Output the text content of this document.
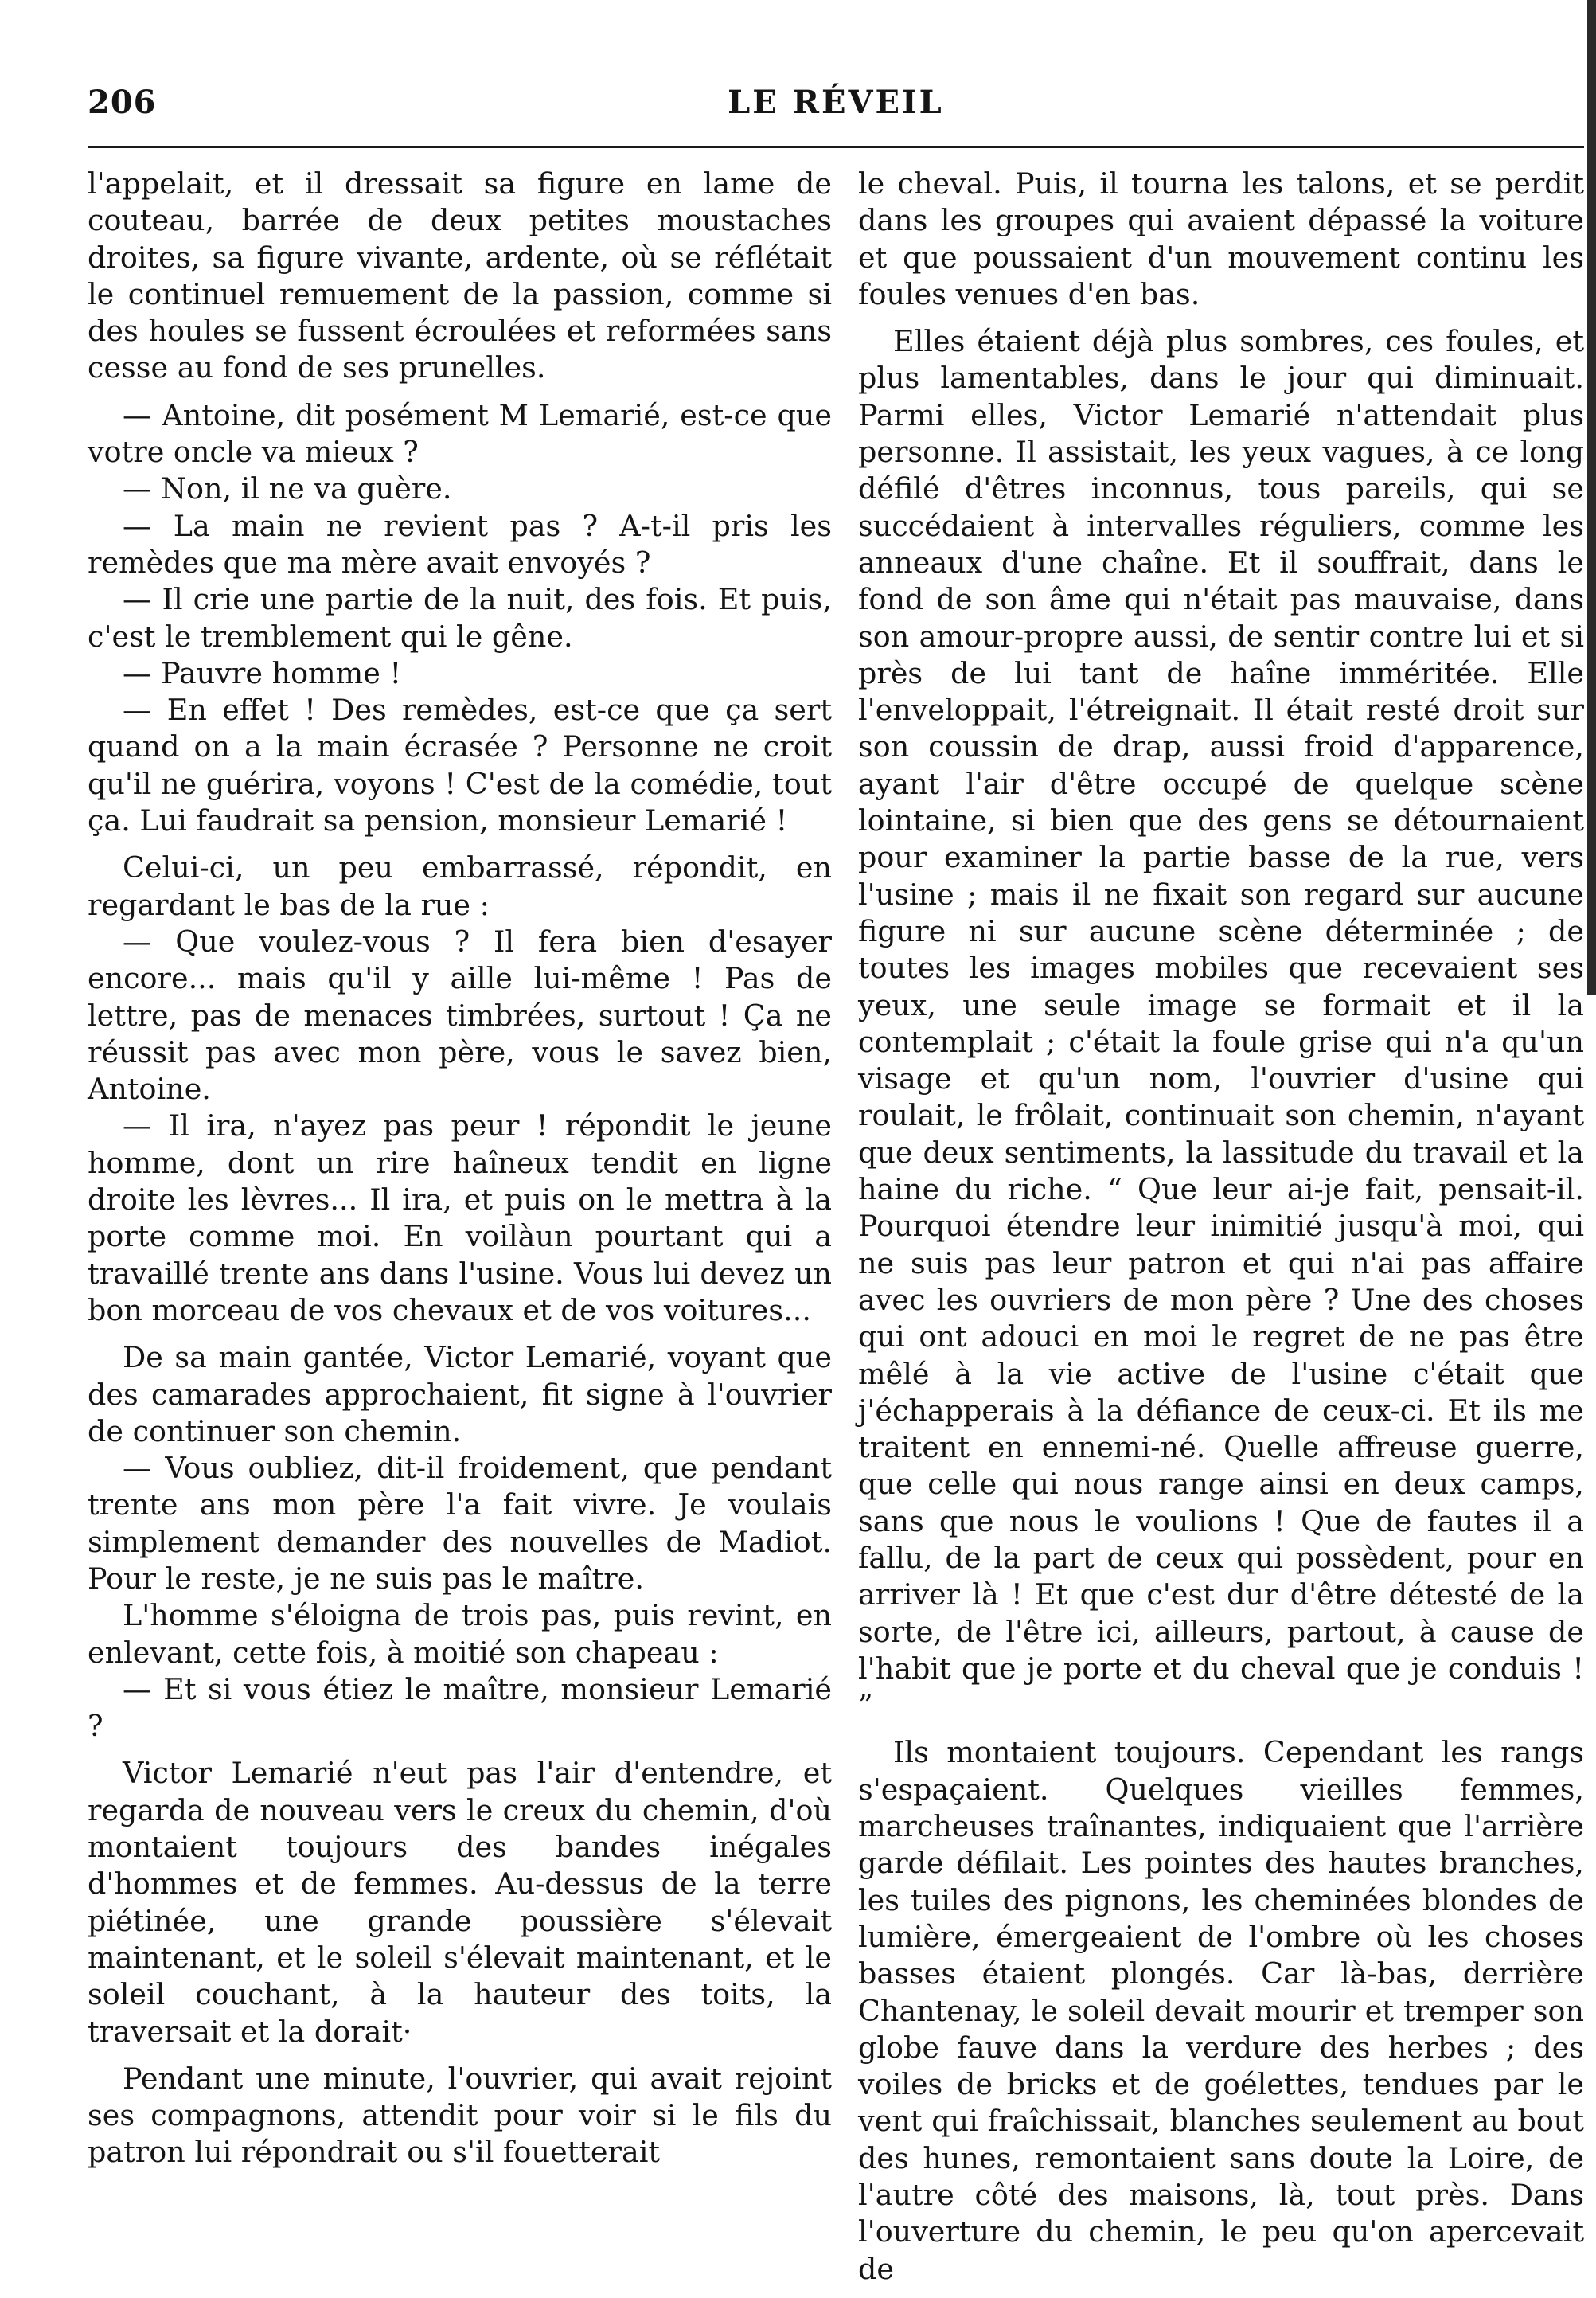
206	LE RÉVEIL

l'appelait, et il dressait sa figure en lame de couteau, barrée de deux petites moustaches droites, sa figure vivante, ardente, où se réflétait le continuel remuement de la passion, comme si des houles se fussent écroulées et reformées sans cesse au fond de ses prunelles.

— Antoine, dit posément M Lemarié, est-ce que votre oncle va mieux ?

— Non, il ne va guère.

— La main ne revient pas ? A-t-il pris les remèdes que ma mère avait envoyés ?

— Il crie une partie de la nuit, des fois. Et puis, c'est le tremblement qui le gêne.

— Pauvre homme !

— En effet ! Des remèdes, est-ce que ça sert quand on a la main écrasée ? Personne ne croit qu'il ne guérira, voyons ! C'est de la comédie, tout ça. Lui faudrait sa pension, monsieur Lemarié !

Celui-ci, un peu embarrassé, répondit, en regardant le bas de la rue :

— Que voulez-vous ? Il fera bien d'esayer encore... mais qu'il y aille lui-même ! Pas de lettre, pas de menaces timbrées, surtout ! Ça ne réussit pas avec mon père, vous le savez bien, Antoine.

— Il ira, n'ayez pas peur ! répondit le jeune homme, dont un rire haîneux tendit en ligne droite les lèvres... Il ira, et puis on le mettra à la porte comme moi. En voilàun pourtant qui a travaillé trente ans dans l'usine. Vous lui devez un bon morceau de vos chevaux et de vos voitures...

De sa main gantée, Victor Lemarié, voyant que des camarades approchaient, fit signe à l'ouvrier de continuer son chemin.

— Vous oubliez, dit-il froidement, que pendant trente ans mon père l'a fait vivre. Je voulais simplement demander des nouvelles de Madiot. Pour le reste, je ne suis pas le maître.

L'homme s'éloigna de trois pas, puis revint, en enlevant, cette fois, à moitié son chapeau :

— Et si vous étiez le maître, monsieur Lemarié ?

Victor Lemarié n'eut pas l'air d'entendre, et regarda de nouveau vers le creux du chemin, d'où montaient toujours des bandes inégales d'hommes et de femmes. Au-dessus de la terre piétinée, une grande poussière s'élevait maintenant, et le soleil s'élevait maintenant, et le soleil couchant, à la hauteur des toits, la traversait et la dorait·

Pendant une minute, l'ouvrier, qui avait rejoint ses compagnons, attendit pour voir si le fils du patron lui répondrait ou s'il fouetterait

le cheval. Puis, il tourna les talons, et se perdit dans les groupes qui avaient dépassé la voiture et que poussaient d'un mouvement continu les foules venues d'en bas.

Elles étaient déjà plus sombres, ces foules, et plus lamentables, dans le jour qui diminuait. Parmi elles, Victor Lemarié n'attendait plus personne. Il assistait, les yeux vagues, à ce long défilé d'êtres inconnus, tous pareils, qui se succédaient à intervalles réguliers, comme les anneaux d'une chaîne. Et il souffrait, dans le fond de son âme qui n'était pas mauvaise, dans son amour-propre aussi, de sentir contre lui et si près de lui tant de haîne imméritée. Elle l'enveloppait, l'étreignait. Il était resté droit sur son coussin de drap, aussi froid d'apparence, ayant l'air d'être occupé de quelque scène lointaine, si bien que des gens se détournaient pour examiner la partie basse de la rue, vers l'usine ; mais il ne fixait son regard sur aucune figure ni sur aucune scène déterminée ; de toutes les images mobiles que recevaient ses yeux, une seule image se formait et il la contemplait ; c'était la foule grise qui n'a qu'un visage et qu'un nom, l'ouvrier d'usine qui roulait, le frôlait, continuait son chemin, n'ayant que deux sentiments, la lassitude du travail et la haine du riche. “ Que leur ai-je fait, pensait-il. Pourquoi étendre leur inimitié jusqu'à moi, qui ne suis pas leur patron et qui n'ai pas affaire avec les ouvriers de mon père ? Une des choses qui ont adouci en moi le regret de ne pas être mêlé à la vie active de l'usine c'était que j'échapperais à la défiance de ceux-ci. Et ils me traitent en ennemi-né. Quelle affreuse guerre, que celle qui nous range ainsi en deux camps, sans que nous le voulions ! Que de fautes il a fallu, de la part de ceux qui possèdent, pour en arriver là ! Et que c'est dur d'être détesté de la sorte, de l'être ici, ailleurs, partout, à cause de l'habit que je porte et du cheval que je conduis ! ”

Ils montaient toujours. Cependant les rangs s'espaçaient. Quelques vieilles femmes, marcheuses traînantes, indiquaient que l'arrière garde défilait. Les pointes des hautes branches, les tuiles des pignons, les cheminées blondes de lumière, émergeaient de l'ombre où les choses basses étaient plongés. Car là-bas, derrière Chantenay, le soleil devait mourir et tremper son globe fauve dans la verdure des herbes ; des voiles de bricks et de goélettes, tendues par le vent qui fraîchissait, blanches seulement au bout des hunes, remontaient sans doute la Loire, de l'autre côté des maisons, là, tout près. Dans l'ouverture du chemin, le peu qu'on apercevait de
